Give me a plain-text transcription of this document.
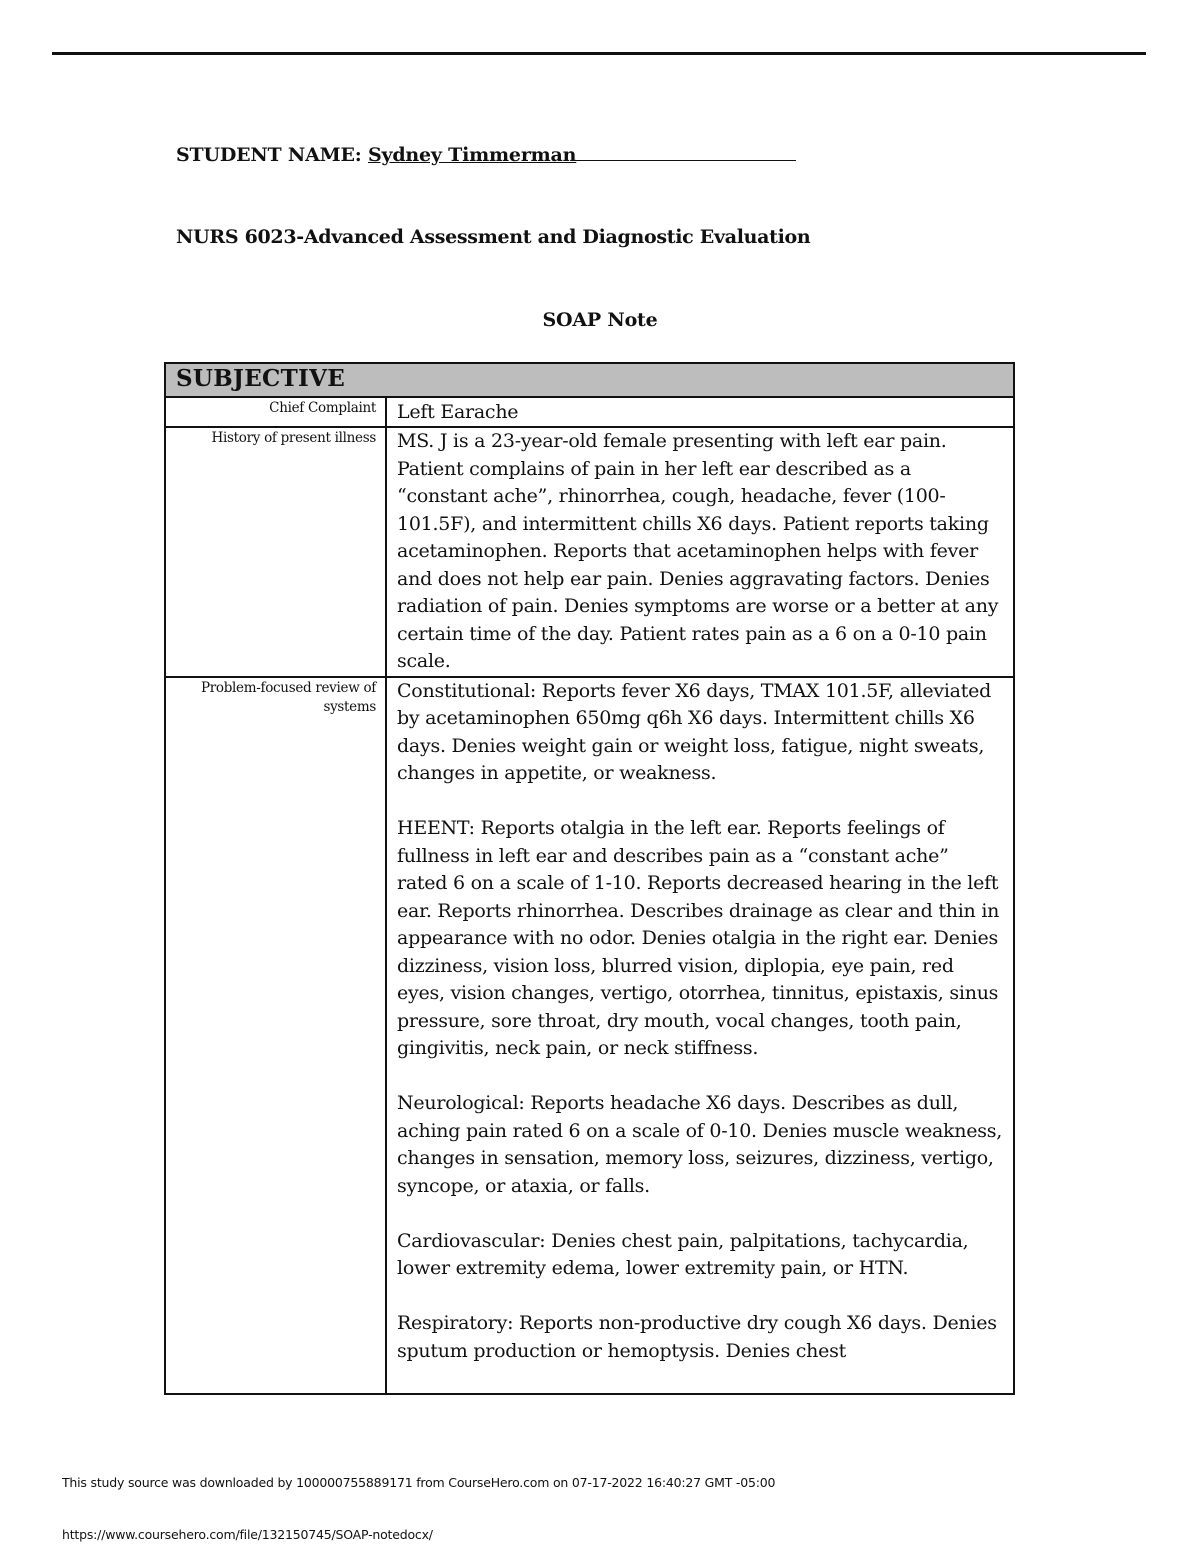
STUDENT NAME: Sydney Timmerman
NURS 6023-Advanced Assessment and Diagnostic Evaluation
SOAP Note
SUBJECTIVE	
Chief Complaint	Left Earache
History of present illness	MS. J is a 23-year-old female presenting with left ear pain. Patient complains of pain in her left ear described as a “constant ache”, rhinorrhea, cough, headache, fever (100-101.5F), and intermittent chills X6 days. Patient reports taking acetaminophen. Reports that acetaminophen helps with fever and does not help ear pain. Denies aggravating factors. Denies radiation of pain. Denies symptoms are worse or a better at any certain time of the day. Patient rates pain as a 6 on a 0-10 pain scale.
Problem-focused review of systems	Constitutional: Reports fever X6 days, TMAX 101.5F, alleviated by acetaminophen 650mg q6h X6 days. Intermittent chills X6 days. Denies weight gain or weight loss, fatigue, night sweats, changes in appetite, or weakness.

HEENT: Reports otalgia in the left ear. Reports feelings of fullness in left ear and describes pain as a “constant ache” rated 6 on a scale of 1-10. Reports decreased hearing in the left ear. Reports rhinorrhea. Describes drainage as clear and thin in appearance with no odor. Denies otalgia in the right ear. Denies dizziness, vision loss, blurred vision, diplopia, eye pain, red eyes, vision changes, vertigo, otorrhea, tinnitus, epistaxis, sinus pressure, sore throat, dry mouth, vocal changes, tooth pain, gingivitis, neck pain, or neck stiffness.

Neurological: Reports headache X6 days. Describes as dull, aching pain rated 6 on a scale of 0-10. Denies muscle weakness, changes in sensation, memory loss, seizures, dizziness, vertigo, syncope, or ataxia, or falls.

Cardiovascular: Denies chest pain, palpitations, tachycardia, lower extremity edema, lower extremity pain, or HTN.

Respiratory: Reports non-productive dry cough X6 days. Denies sputum production or hemoptysis. Denies chest

This study source was downloaded by 100000755889171 from CourseHero.com on 07-17-2022 16:40:27 GMT -05:00
https://www.coursehero.com/file/132150745/SOAP-notedocx/
